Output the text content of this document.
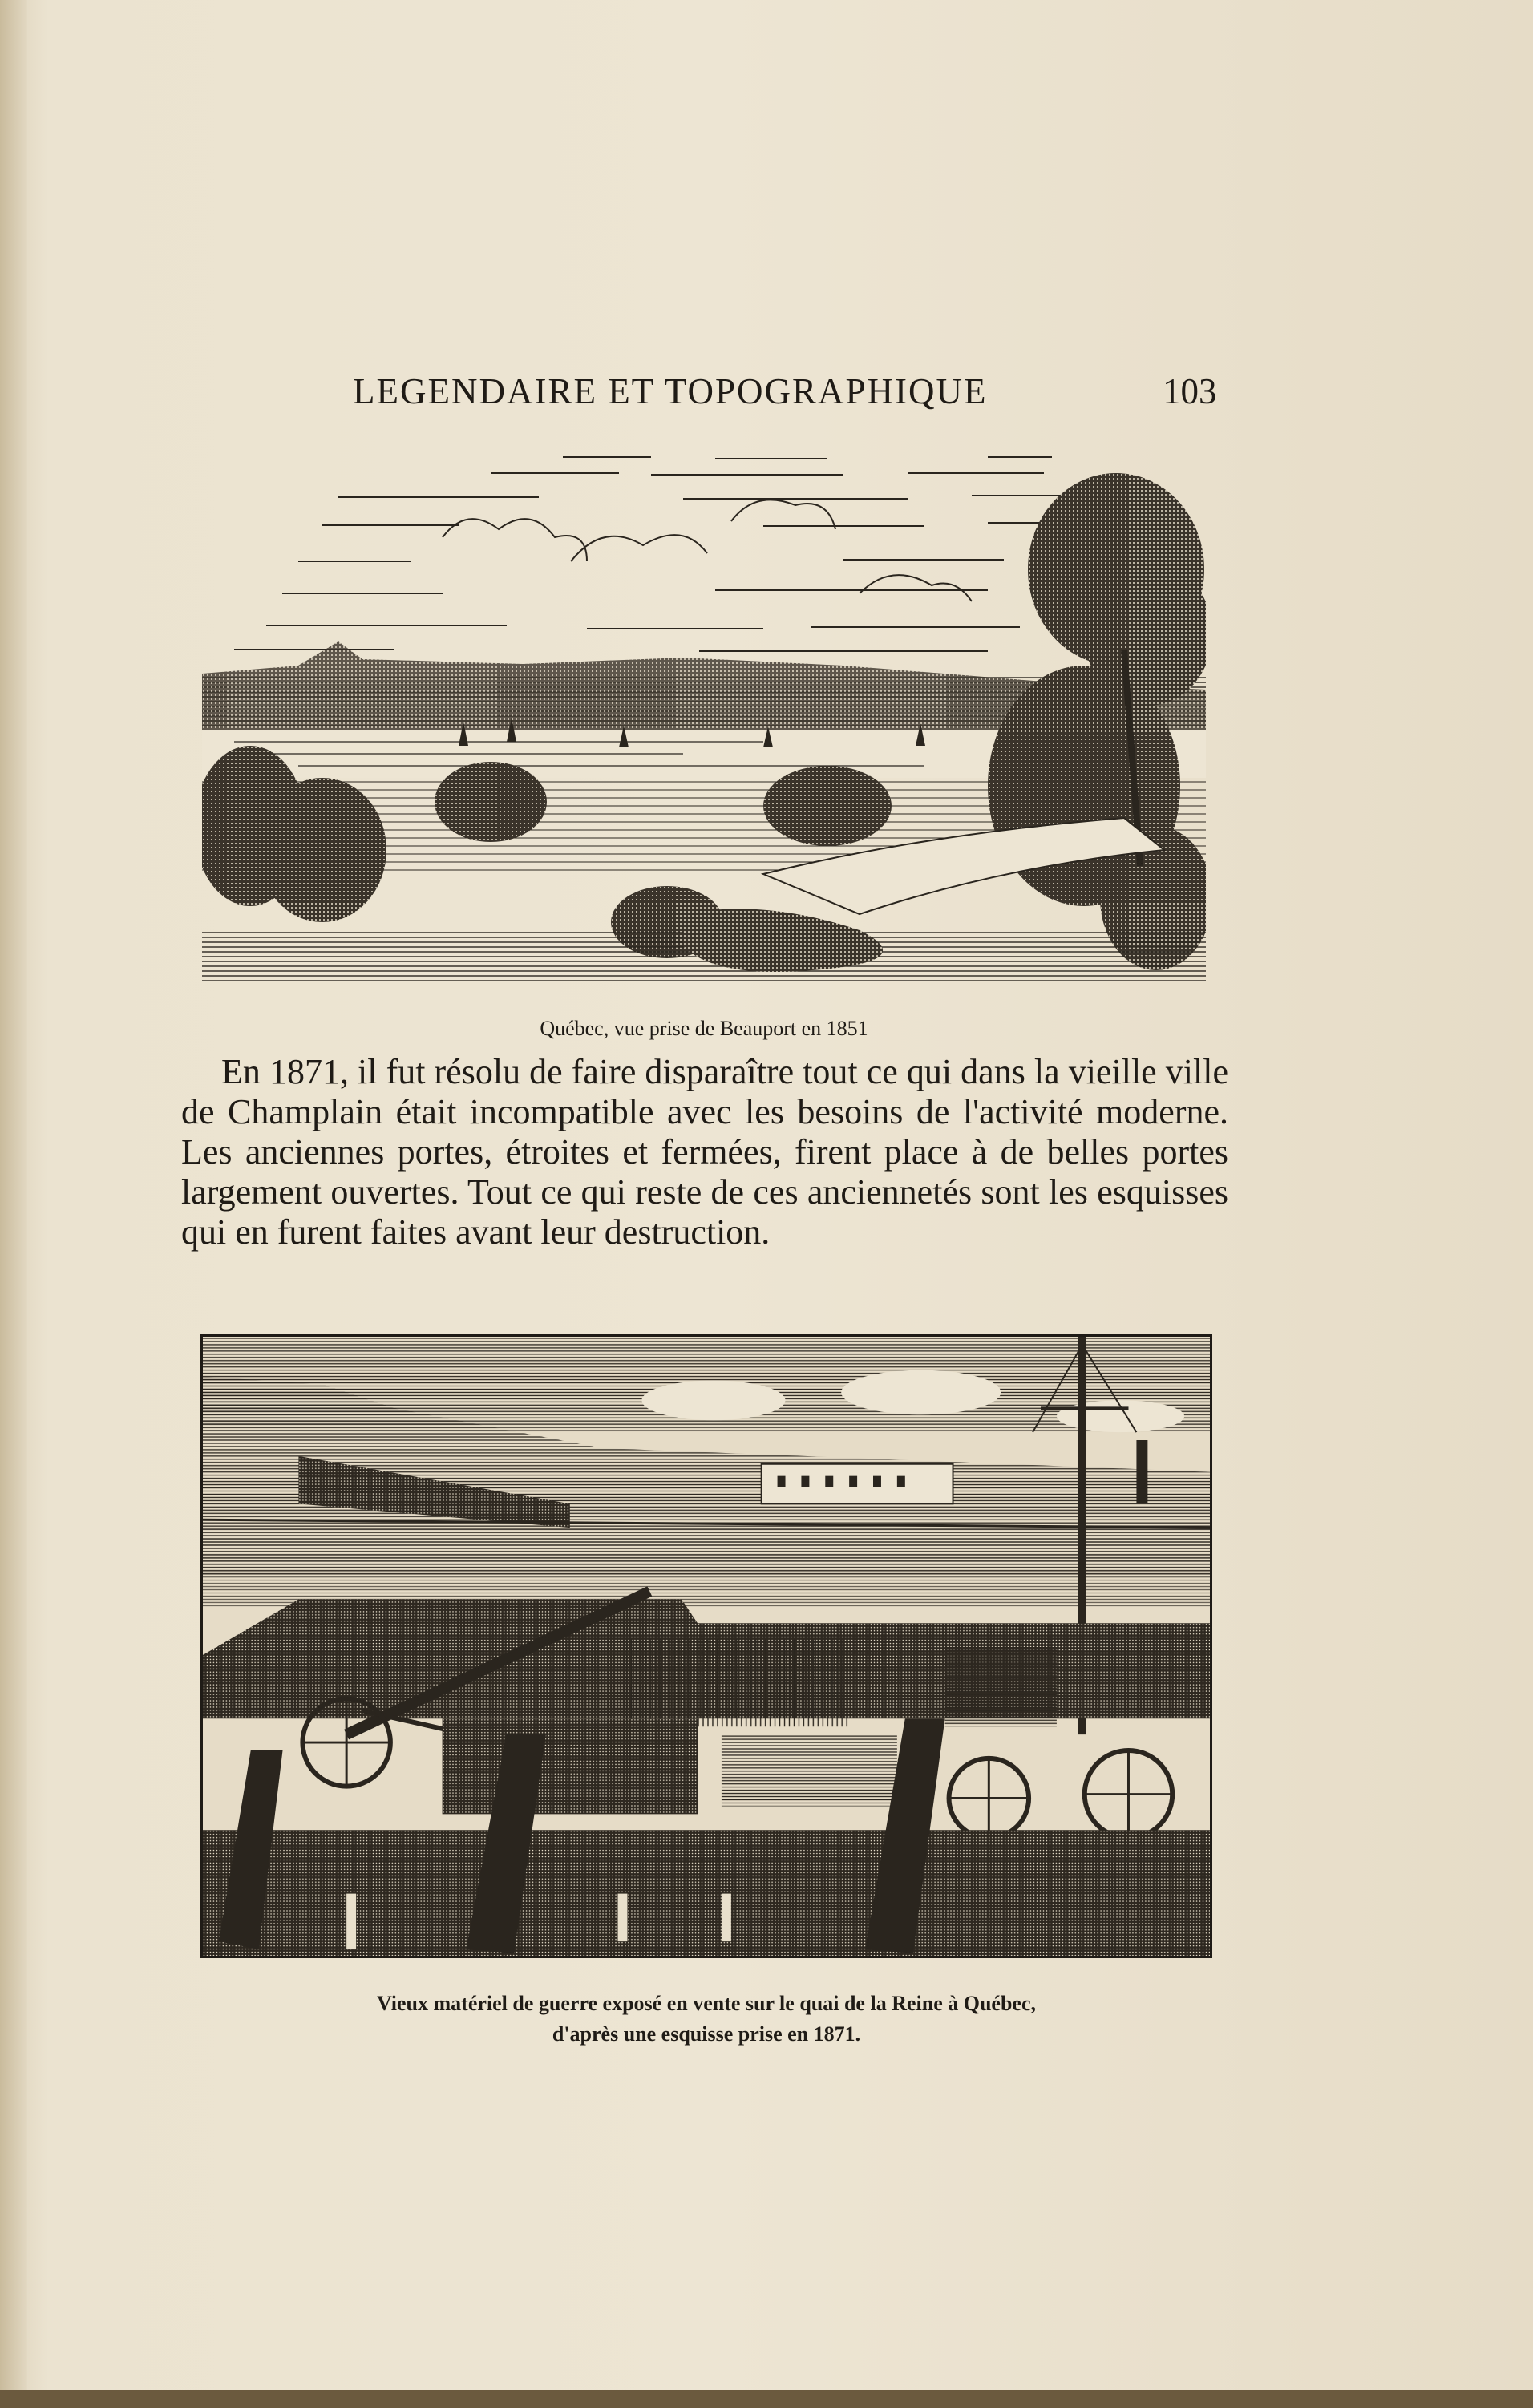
LEGENDAIRE ET TOPOGRAPHIQUE	103
Québec, vue prise de Beauport en 1851
En 1871, il fut résolu de faire disparaître tout ce qui dans la vieille ville de Champlain était incompatible avec les besoins de l'activité moderne. Les anciennes portes, étroites et fermées, firent place à de belles portes largement ouvertes. Tout ce qui reste de ces anciennetés sont les esquisses qui en furent faites avant leur destruction.
Vieux matériel de guerre exposé en vente sur le quai de la Reine à Québec,
d'après une esquisse prise en 1871.
